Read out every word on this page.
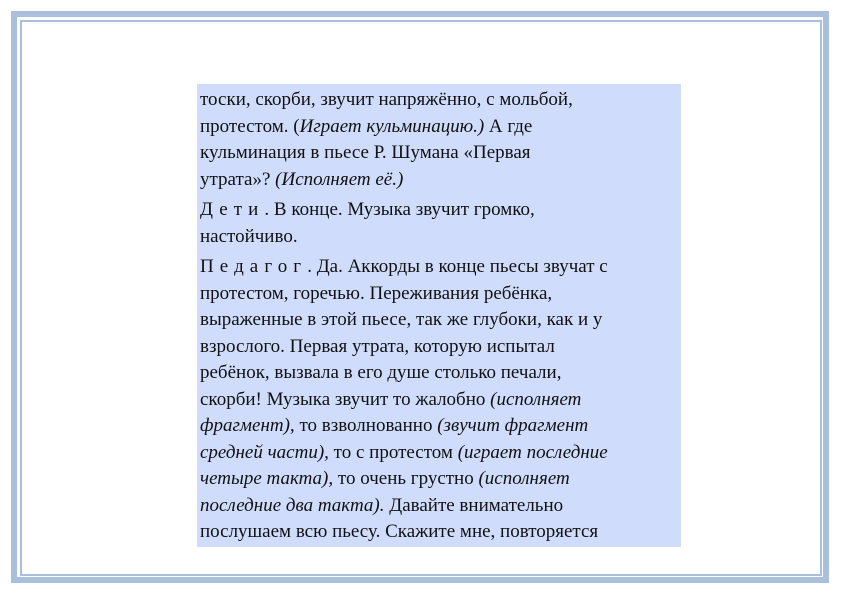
тоски, скорби, звучит напряжённо, с мольбой,
протестом. (Играет кульминацию.) А где
кульминация в пьесе Р. Шумана «Первая
утрата»? (Исполняет её.)

Дети. В конце. Музыка звучит громко,
настойчиво.

Педагог. Да. Аккорды в конце пьесы звучат с
протестом, горечью. Переживания ребёнка,
выраженные в этой пьесе, так же глубоки, как и у
взрослого. Первая утрата, которую испытал
ребёнок, вызвала в его душе столько печали,
скорби! Музыка звучит то жалобно (исполняет
фрагмент), то взволнованно (звучит фрагмент
средней части), то с протестом (играет последние
четыре такта), то очень грустно (исполняет
последние два такта). Давайте внимательно
послушаем всю пьесу. Скажите мне, повторяется
